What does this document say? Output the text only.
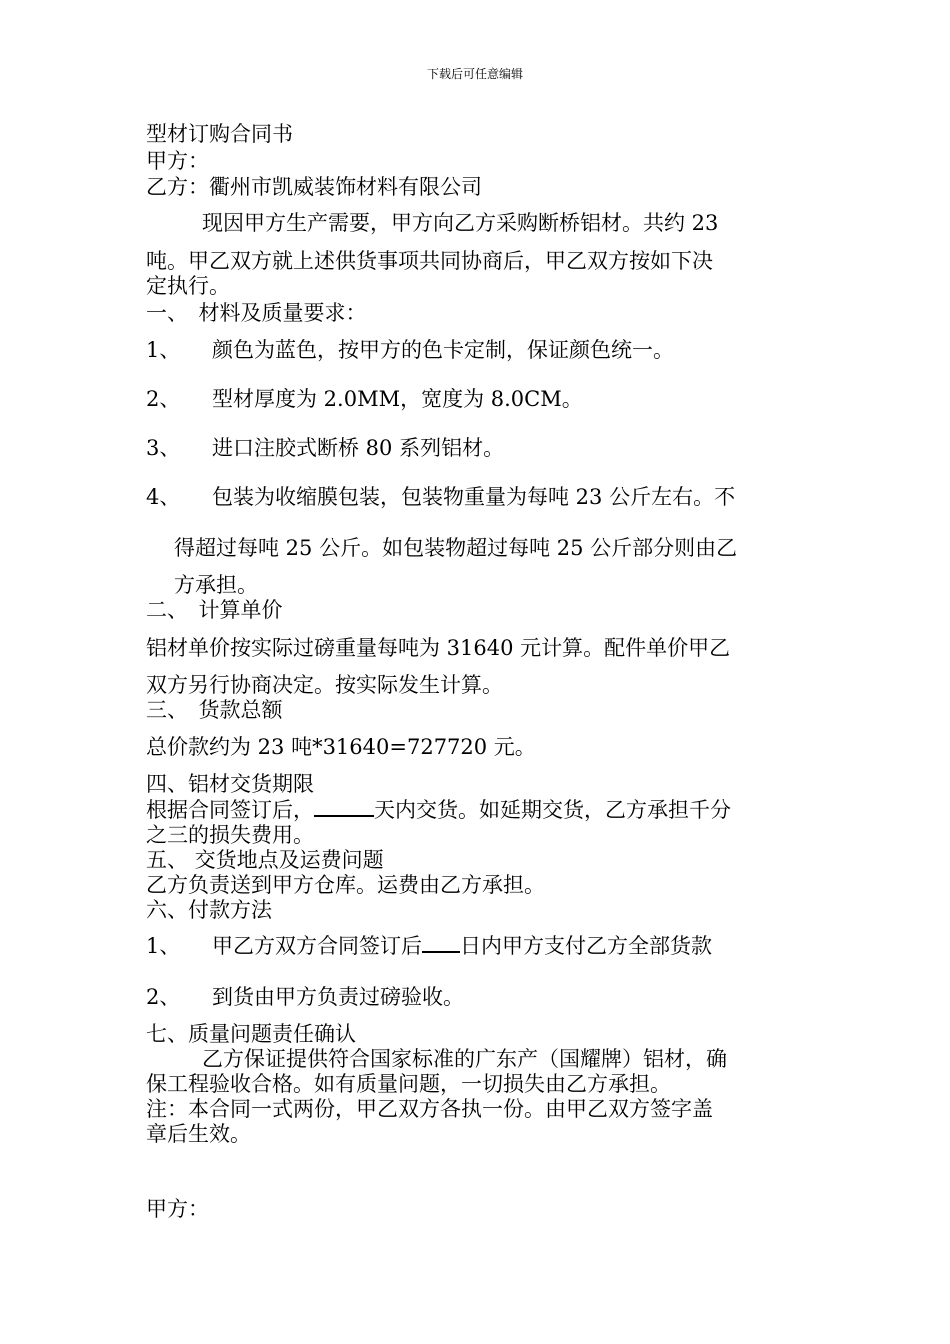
下载后可任意编辑
型材订购合同书
甲方：
乙方：衢州市凯威装饰材料有限公司
现因甲方生产需要，甲方向乙方采购断桥铝材。共约 23
吨。甲乙双方就上述供货事项共同协商后，甲乙双方按如下决
定执行。
一、　材料及质量要求：
1、 颜色为蓝色，按甲方的色卡定制，保证颜色统一。
2、 型材厚度为 2.0MM，宽度为 8.0CM。
3、 进口注胶式断桥 80 系列铝材。
4、 包装为收缩膜包装，包装物重量为每吨 23 公斤左右。不
得超过每吨 25 公斤。如包装物超过每吨 25 公斤部分则由乙
方承担。
二、　计算单价
铝材单价按实际过磅重量每吨为 31640 元计算。配件单价甲乙
双方另行协商决定。按实际发生计算。
三、　货款总额
总价款约为 23 吨*31640=727720 元。
四、铝材交货期限
根据合同签订后，	天内交货。如延期交货，乙方承担千分
之三的损失费用。
五、 交货地点及运费问题
乙方负责送到甲方仓库。运费由乙方承担。
六、付款方法
1、 甲乙方双方合同签订后 日内甲方支付乙方全部货款
2、 到货由甲方负责过磅验收。
七、质量问题责任确认
乙方保证提供符合国家标准的广东产（国耀牌）铝材，确
保工程验收合格。如有质量问题，一切损失由乙方承担。
注：本合同一式两份，甲乙双方各执一份。由甲乙双方签字盖
章后生效。
甲方：
